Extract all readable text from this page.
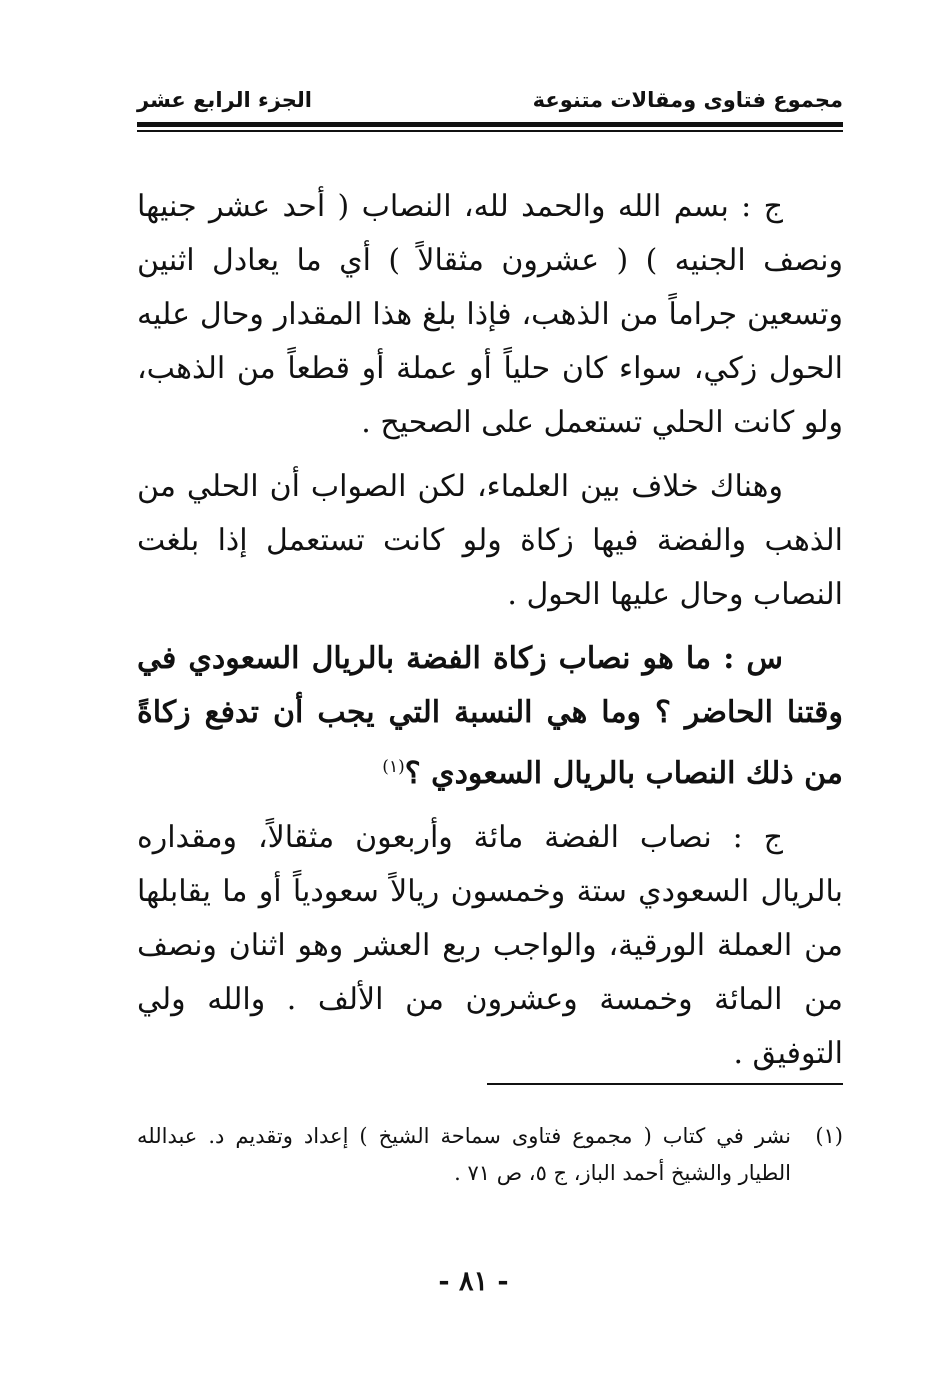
مجموع فتاوى ومقالات متنوعة
الجزء الرابع عشر

ج : بسم الله والحمد لله، النصاب ( أحد عشر جنيها ونصف الجنيه ) ( عشرون مثقالاً ) أي ما يعادل اثنين وتسعين جراماً من الذهب، فإذا بلغ هذا المقدار وحال عليه الحول زكي، سواء كان حلياً أو عملة أو قطعاً من الذهب، ولو كانت الحلي تستعمل على الصحيح .

وهناك خلاف بين العلماء، لكن الصواب أن الحلي من الذهب والفضة فيها زكاة ولو كانت تستعمل إذا بلغت النصاب وحال عليها الحول .

س : ما هو نصاب زكاة الفضة بالريال السعودي في وقتنا الحاضر ؟ وما هي النسبة التي يجب أن تدفع زكاةً من ذلك النصاب بالريال السعودي ؟$^{(١)}$

ج : نصاب الفضة مائة وأربعون مثقالاً، ومقداره بالريال السعودي ستة وخمسون ريالاً سعودياً أو ما يقابلها من العملة الورقية، والواجب ربع العشر وهو اثنان ونصف من المائة وخمسة وعشرون من الألف . والله ولي التوفيق .

(١)
نشر في كتاب ( مجموع فتاوى سماحة الشيخ ) إعداد وتقديم د. عبدالله الطيار والشيخ أحمد الباز، ج ٥، ص ٧١ .
- ٨١ -
